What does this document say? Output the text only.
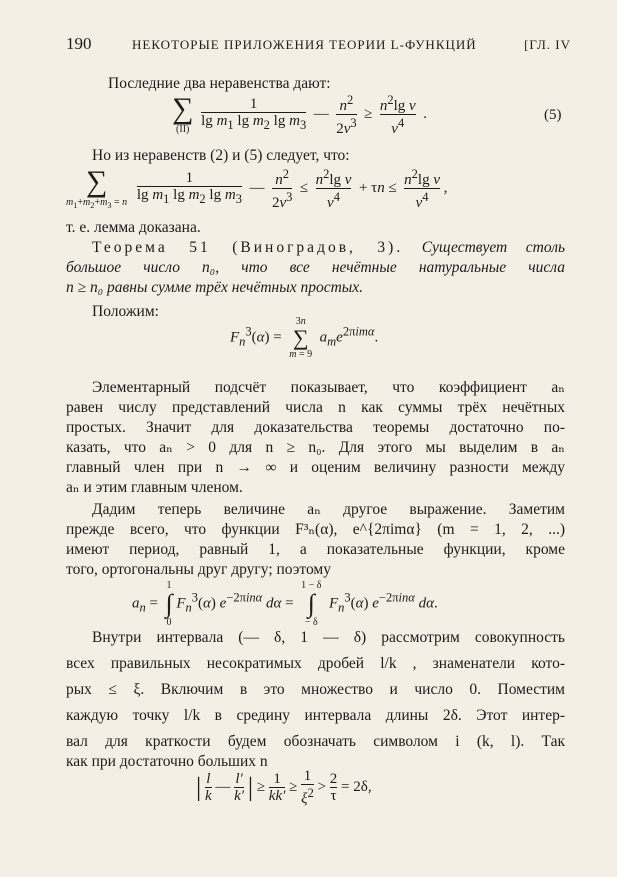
190	НЕКОТОРЫЕ ПРИЛОЖЕНИЯ ТЕОРИИ L-ФУНКЦИЙ	[ГЛ. IV
Последние два неравенства дают:
∑
(II)
$\frac{1}{\lg m_1 \lg m_2 \lg m_3}$ — $\frac{n^2}{2\nu^3} \ge \frac{n^2\lg \nu}{\nu^4}$ .	(5)
Но из неравенств (2) и (5) следует, что:
∑
$m_1+m_2+m_3 = n$
$\frac{1}{\lg m_1 \lg m_2 \lg m_3}$ — $\frac{n^2}{2\nu^3} \le \frac{n^2\lg \nu}{\nu^4} + \tau n \le \frac{n^2\lg \nu}{\nu^4}$ ,
т. е. лемма доказана.
Теорема 51 (Виноградов, 3). Существует столь
большое число n₀, что все нечётные натуральные числа
n ≥ n₀ равны сумме трёх нечётных простых.
Положим:
$F_n^3(\alpha)$ =
3n
∑
m = 9
$a_me^{2\pi im\alpha}$.
Элементарный подсчёт показывает, что коэффициент aₙ
равен числу представлений числа n как суммы трёх нечётных
простых. Значит для доказательства теоремы достаточно по-
казать, что aₙ > 0 для n ≥ n₀. Для этого мы выделим в aₙ
главный член при n → ∞ и оценим величину разности между
aₙ и этим главным членом.
Дадим теперь величине aₙ другое выражение. Заметим
прежде всего, что функции F³ₙ(α), e^{2πimα} (m = 1, 2, ...)
имеют период, равный 1, а показательные функции, кроме
того, ортогональны друг другу; поэтому
$a_n$ =
1
∫
0
$F_n^3(\alpha)$ $e^{-2\pi in\alpha}$ dα =
1 − δ
∫
− δ
$F_n^3(\alpha)$ $e^{-2\pi in\alpha}$ dα.
Внутри интервала (— δ, 1 — δ) рассмотрим совокупность
всех правильных несократимых дробей l/k , знаменатели кото-
рых ≤ ξ. Включим в это множество и число 0. Поместим
каждую точку l/k в средину интервала длины 2δ. Этот интер-
вал для краткости будем обозначать символом i (k, l). Так
как при достаточно больших n
| $\frac{l}{k}$ — $\frac{l'}{k'}$ | ≥ $\frac{1}{kk'} \ge \frac{1}{\xi^2} > \frac{2}{\tau} = 2\delta$,
